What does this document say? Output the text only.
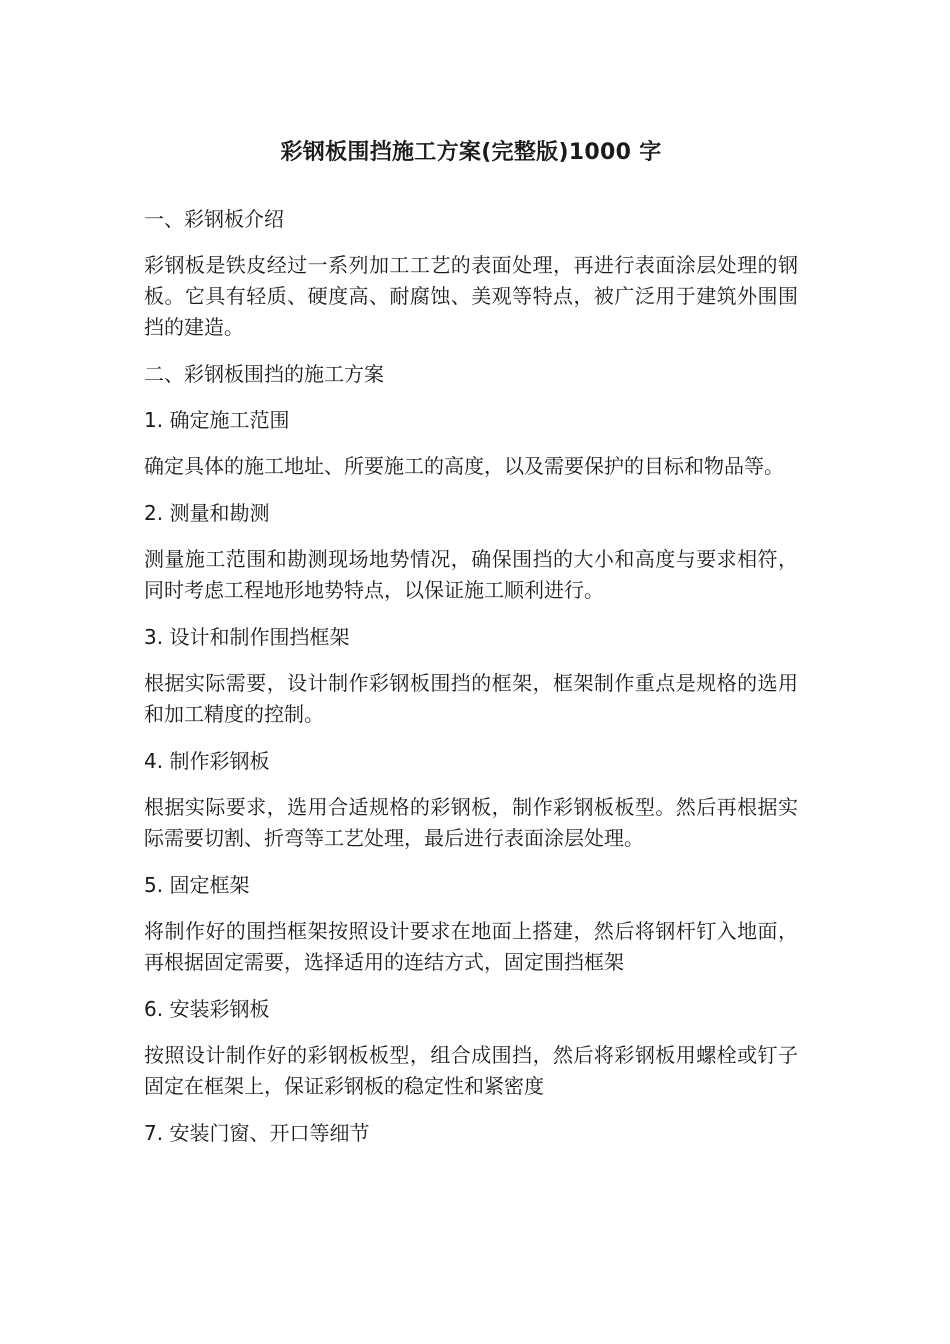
彩钢板围挡施工方案(完整版)1000 字
一、彩钢板介绍

彩钢板是铁皮经过一系列加工工艺的表面处理，再进行表面涂层处理的钢板。它具有轻质、硬度高、耐腐蚀、美观等特点，被广泛用于建筑外围围挡的建造。

二、彩钢板围挡的施工方案
1. 确定施工范围

确定具体的施工地址、所要施工的高度，以及需要保护的目标和物品等。

2. 测量和勘测

测量施工范围和勘测现场地势情况，确保围挡的大小和高度与要求相符，同时考虑工程地形地势特点，以保证施工顺利进行。

3. 设计和制作围挡框架

根据实际需要，设计制作彩钢板围挡的框架，框架制作重点是规格的选用和加工精度的控制。

4. 制作彩钢板

根据实际要求，选用合适规格的彩钢板，制作彩钢板板型。然后再根据实际需要切割、折弯等工艺处理，最后进行表面涂层处理。

5. 固定框架

将制作好的围挡框架按照设计要求在地面上搭建，然后将钢杆钉入地面，再根据固定需要，选择适用的连结方式，固定围挡框架

6. 安装彩钢板

按照设计制作好的彩钢板板型，组合成围挡，然后将彩钢板用螺栓或钉子固定在框架上，保证彩钢板的稳定性和紧密度

7. 安装门窗、开口等细节
